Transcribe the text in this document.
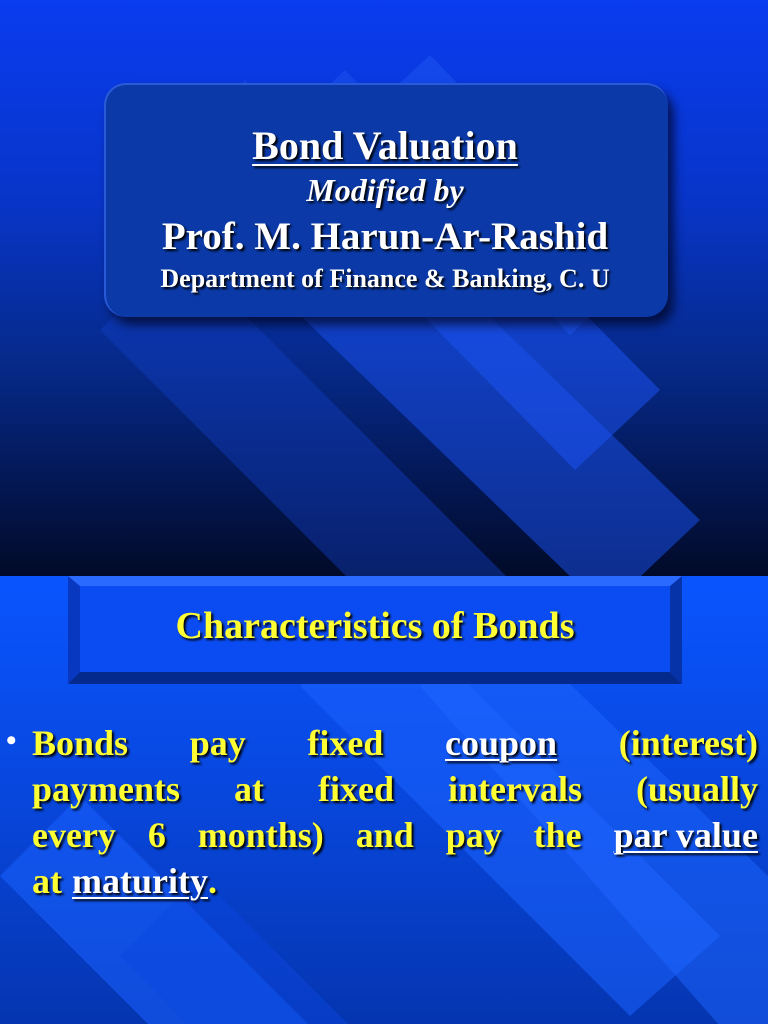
Bond Valuation
Modified by
Prof. M. Harun-Ar-Rashid
Department of Finance & Banking, C. U
Characteristics of Bonds
• Bonds pay fixed coupon (interest)
payments at fixed intervals (usually
every 6 months) and pay the par value
at maturity .
